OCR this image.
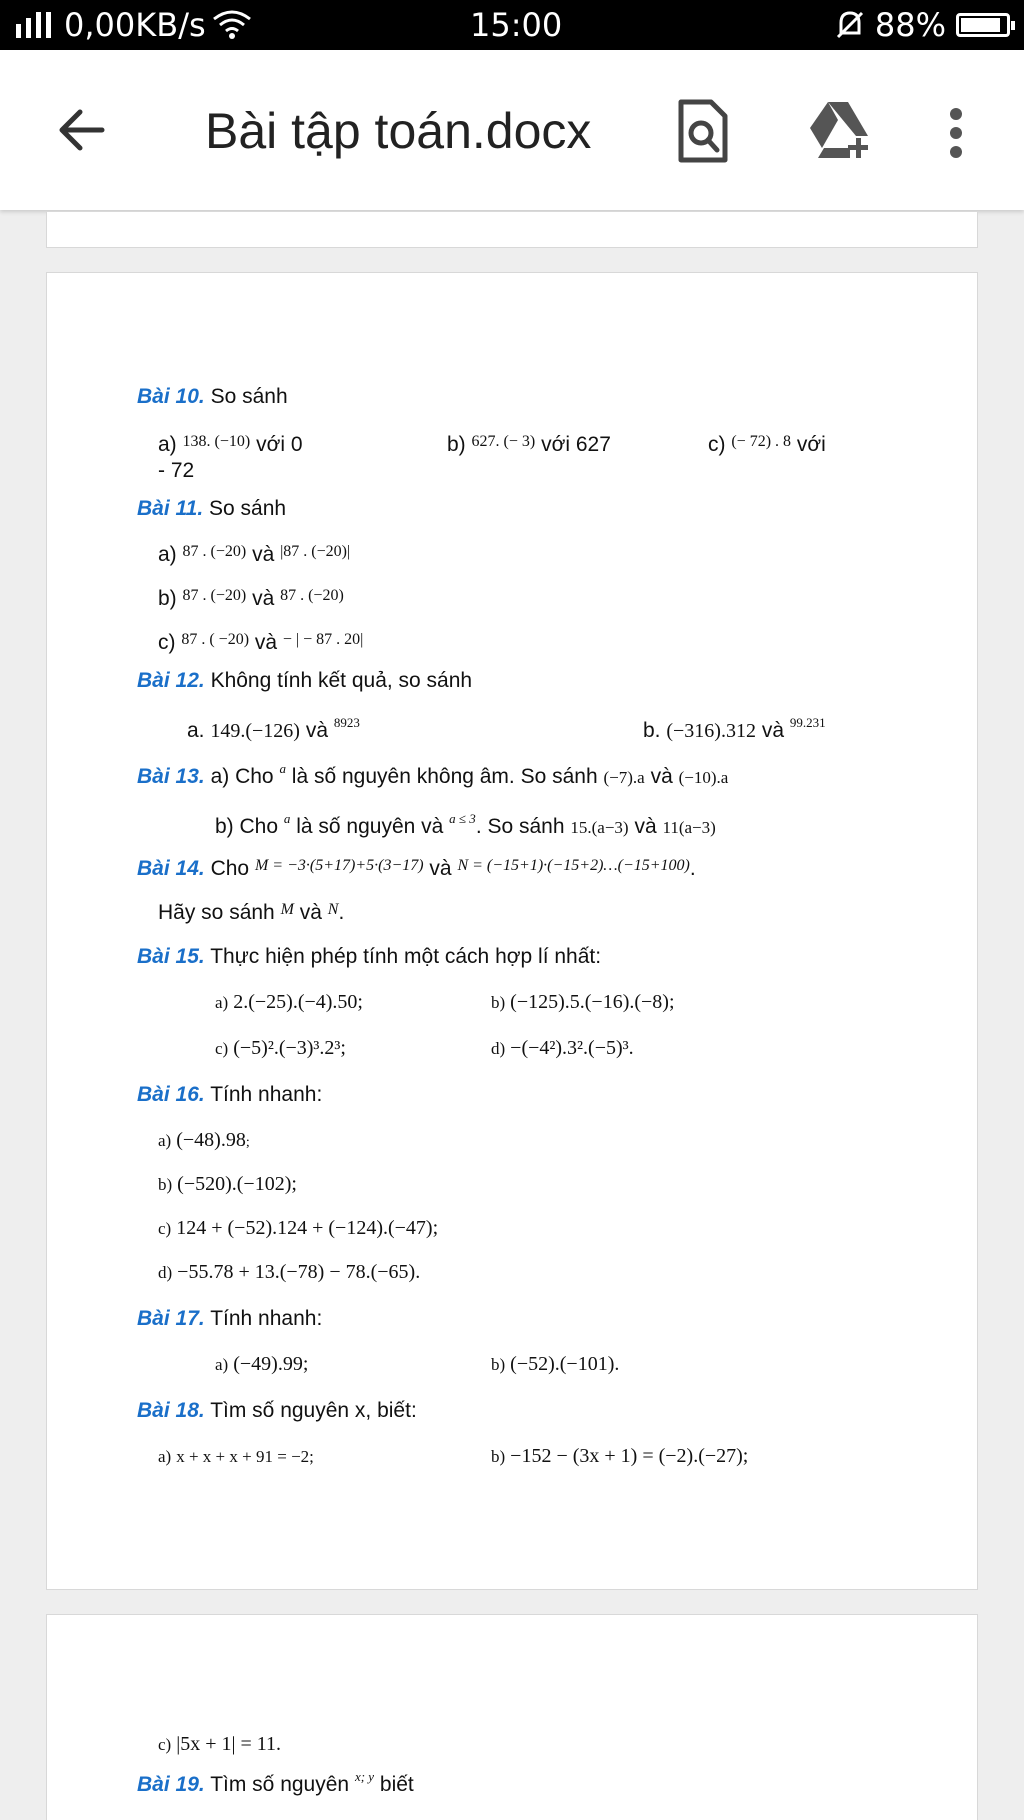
0,00KB/s	15:00	88%
Bài tập toán.docx
Bài 10. So sánh
a) $^{138. (-10)}$ với 0	b) $^{627. (- 3)}$ với 627	c) $^{(- 72) . 8}$ với
- 72
Bài 11. So sánh
a) $^{87 . (-20)}$ và $^{|87 . (-20)|}$
b) $^{87 . (-20)}$ và $^{87 . (-20)}$
c) $^{87 . ( -20)}$ và $^{- | - 87 . 20|}$
Bài 12. Không tính kết quả, so sánh
a. 149.(−126) và $^{8923}$	b. (−316).312 và $^{99.231}$
Bài 13. a) Cho $^a$ là số nguyên không âm. So sánh (−7).a và (−10).a
b) Cho $^a$ là số nguyên và $^{a \le 3}$. So sánh 15.(a−3) và 11(a−3)
Bài 14. Cho $^{M = -3\cdot(5+17)+5\cdot(3-17)}$ và $^{N = (-15+1)\cdot(-15+2)\dots(-15+100)}$.
Hãy so sánh $^M$ và $^N$.
Bài 15. Thực hiện phép tính một cách hợp lí nhất:
a) 2.(−25).(−4).50;	b) (−125).5.(−16).(−8);
c) (−5)².(−3)³.2³;	d) −(−4²).3².(−5)³.
Bài 16. Tính nhanh:
a) (−48).98;
b) (−520).(−102);
c) 124 + (−52).124 + (−124).(−47);
d) −55.78 + 13.(−78) − 78.(−65).
Bài 17. Tính nhanh:
a) (−49).99;	b) (−52).(−101).
Bài 18. Tìm số nguyên x, biết:
a) x + x + x + 91 = −2;	b) −152 − (3x + 1) = (−2).(−27);
c) |5x + 1| = 11.
Bài 19. Tìm số nguyên $^{x; y}$ biết
